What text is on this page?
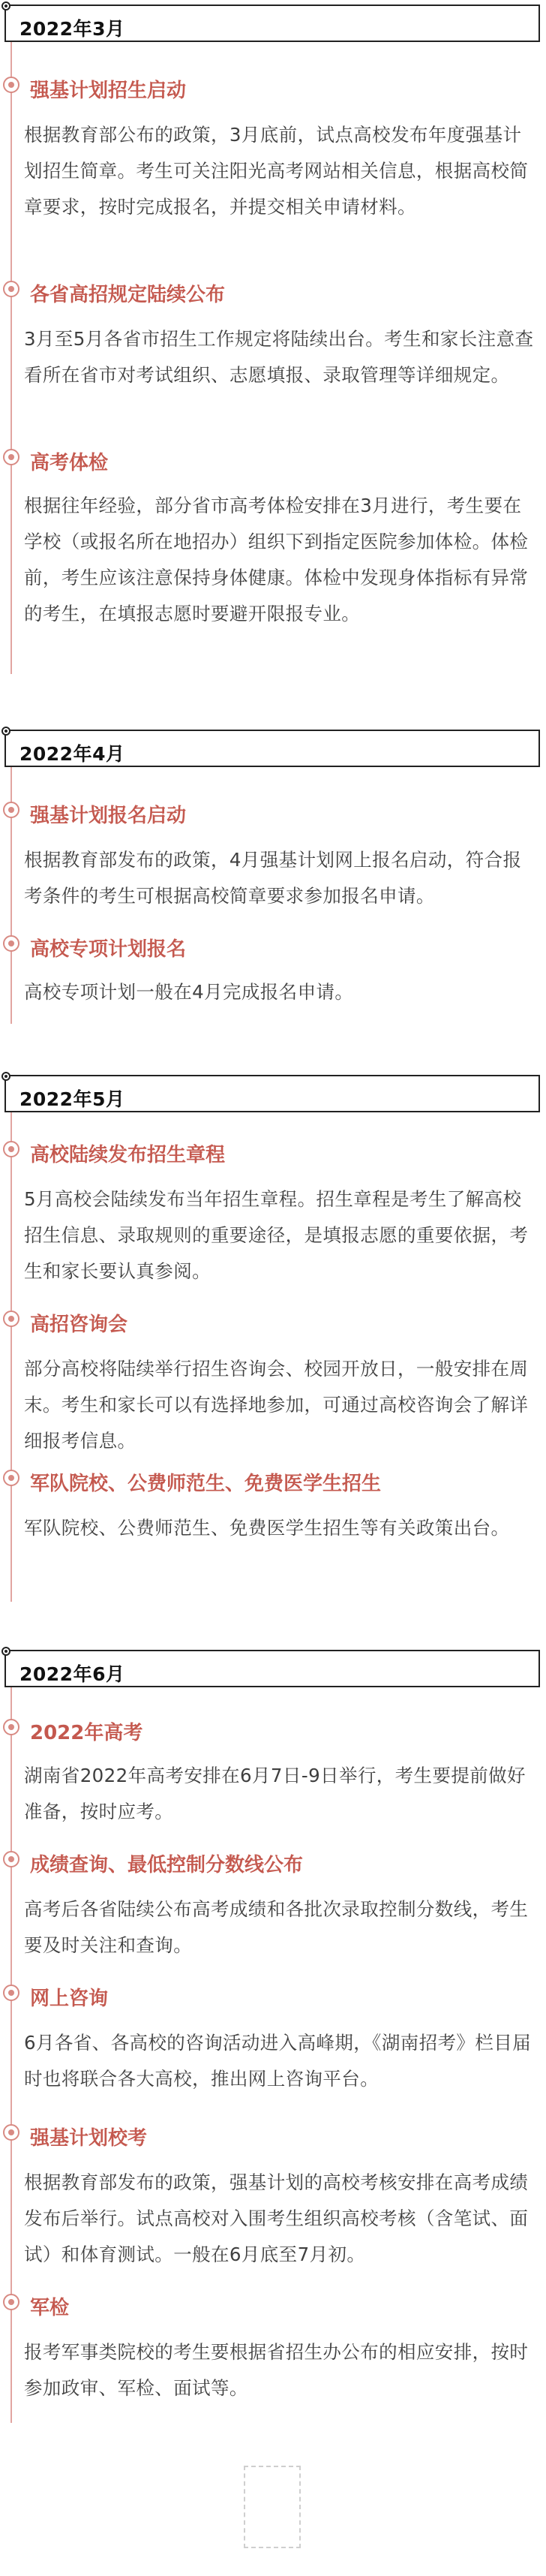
2022年3月
强基计划招生启动
根据教育部公布的政策，3月底前，试点高校发布年度强基计划招生简章。考生可关注阳光高考网站相关信息，根据高校简章要求，按时完成报名，并提交相关申请材料。
各省高招规定陆续公布
3月至5月各省市招生工作规定将陆续出台。考生和家长注意查看所在省市对考试组织、志愿填报、录取管理等详细规定。
高考体检
根据往年经验，部分省市高考体检安排在3月进行，考生要在学校（或报名所在地招办）组织下到指定医院参加体检。体检前，考生应该注意保持身体健康。体检中发现身体指标有异常的考生，在填报志愿时要避开限报专业。
2022年4月
强基计划报名启动
根据教育部发布的政策，4月强基计划网上报名启动，符合报考条件的考生可根据高校简章要求参加报名申请。
高校专项计划报名
高校专项计划一般在4月完成报名申请。
2022年5月
高校陆续发布招生章程
5月高校会陆续发布当年招生章程。招生章程是考生了解高校招生信息、录取规则的重要途径，是填报志愿的重要依据，考生和家长要认真参阅。
高招咨询会
部分高校将陆续举行招生咨询会、校园开放日，一般安排在周末。考生和家长可以有选择地参加，可通过高校咨询会了解详细报考信息。
军队院校、公费师范生、免费医学生招生
军队院校、公费师范生、免费医学生招生等有关政策出台。
2022年6月
2022年高考
湖南省2022年高考安排在6月7日-9日举行，考生要提前做好准备，按时应考。
成绩查询、最低控制分数线公布
高考后各省陆续公布高考成绩和各批次录取控制分数线，考生要及时关注和查询。
网上咨询
6月各省、各高校的咨询活动进入高峰期，《湖南招考》栏目届时也将联合各大高校，推出网上咨询平台。
强基计划校考
根据教育部发布的政策，强基计划的高校考核安排在高考成绩发布后举行。试点高校对入围考生组织高校考核（含笔试、面试）和体育测试。一般在6月底至7月初。
军检
报考军事类院校的考生要根据省招生办公布的相应安排，按时参加政审、军检、面试等。
